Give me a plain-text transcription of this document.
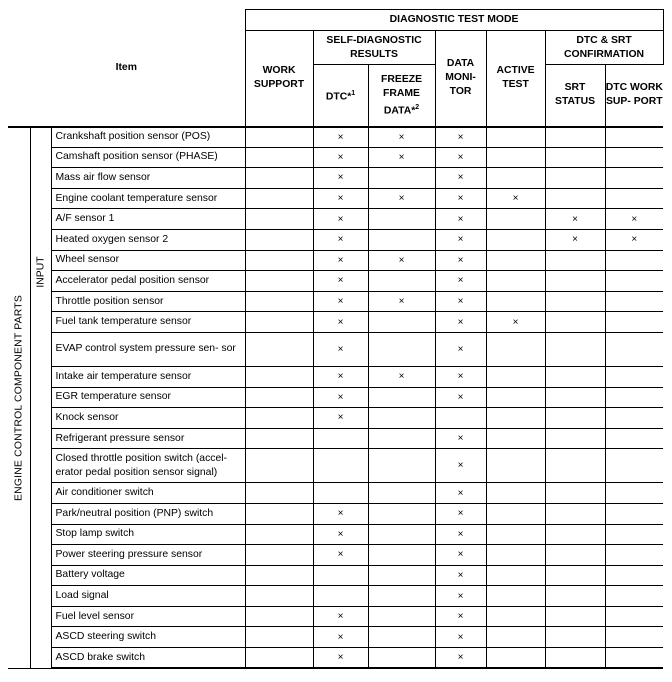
Item			DIAGNOSTIC TEST MODE						
			WORK SUPPORT	SELF-DIAGNOSTIC RESULTS		DATA MONI- TOR	ACTIVE TEST	DTC & SRT CONFIRMATION	
				DTC*$^1$	FREEZE FRAME DATA*$^2$			SRT STATUS	DTC WORK SUP- PORT

ENGINE CONTROL COMPONENT PARTS	INPUT	Crankshaft position sensor (POS)		×	×	×			
		Camshaft position sensor (PHASE)		×	×	×			
		Mass air flow sensor		×		×			
		Engine coolant temperature sensor		×	×	×	×		
		A/F sensor 1		×		×		×	×
		Heated oxygen sensor 2		×		×		×	×
		Wheel sensor		×	×	×			
		Accelerator pedal position sensor		×		×			
		Throttle position sensor		×	×	×			
		Fuel tank temperature sensor		×		×	×		
		EVAP control system pressure sen- sor		×		×			
		Intake air temperature sensor		×	×	×			
		EGR temperature sensor		×		×			
		Knock sensor		×					
		Refrigerant pressure sensor				×			
		Closed throttle position switch (accel- erator pedal position sensor signal)				×			
		Air conditioner switch				×			
		Park/neutral position (PNP) switch		×		×			
		Stop lamp switch		×		×			
		Power steering pressure sensor		×		×			
		Battery voltage				×			
		Load signal				×			
		Fuel level sensor		×		×			
		ASCD steering switch		×		×			
		ASCD brake switch		×		×			
